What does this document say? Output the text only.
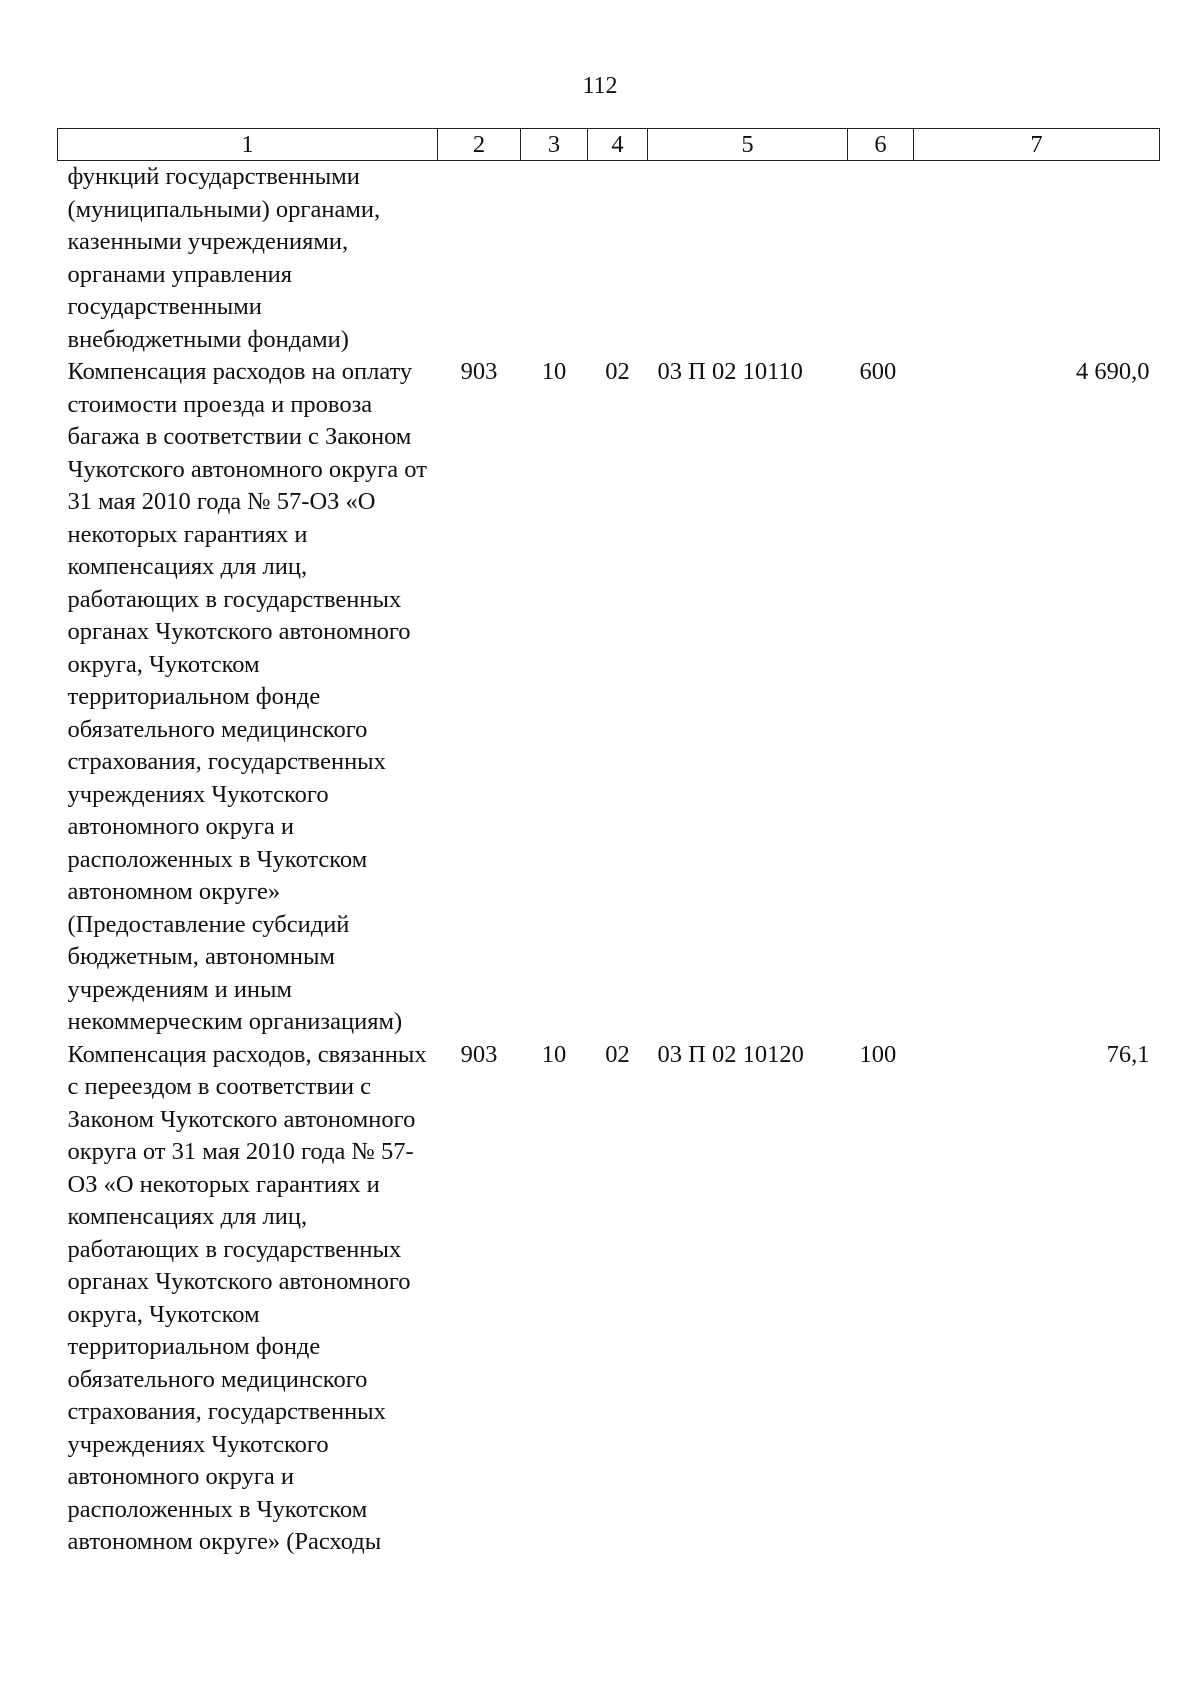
112
1	2	3	4	5	6	7
функций государственными (муниципальными) органами, казенными учреждениями, органами управления государственными внебюджетными фондами)						
Компенсация расходов на оплату стоимости проезда и провоза багажа в соответствии с Законом Чукотского автономного округа от 31 мая 2010 года № 57-ОЗ «О некоторых гарантиях и компенсациях для лиц, работающих в государственных органах Чукотского автономного округа, Чукотском территориальном фонде обязательного медицинского страхования, государственных учреждениях Чукотского автономного округа и расположенных в Чукотском автономном округе» (Предоставление субсидий бюджетным, автономным учреждениям и иным некоммерческим организациям)	903	10	02	03 П 02 10110	600	4 690,0
Компенсация расходов, связанных с переездом в соответствии с Законом Чукотского автономного округа от 31 мая 2010 года № 57-ОЗ «О некоторых гарантиях и компенсациях для лиц, работающих в государственных органах Чукотского автономного округа, Чукотском территориальном фонде обязательного медицинского страхования, государственных учреждениях Чукотского автономного округа и расположенных в Чукотском автономном округе» (Расходы	903	10	02	03 П 02 10120	100	76,1
